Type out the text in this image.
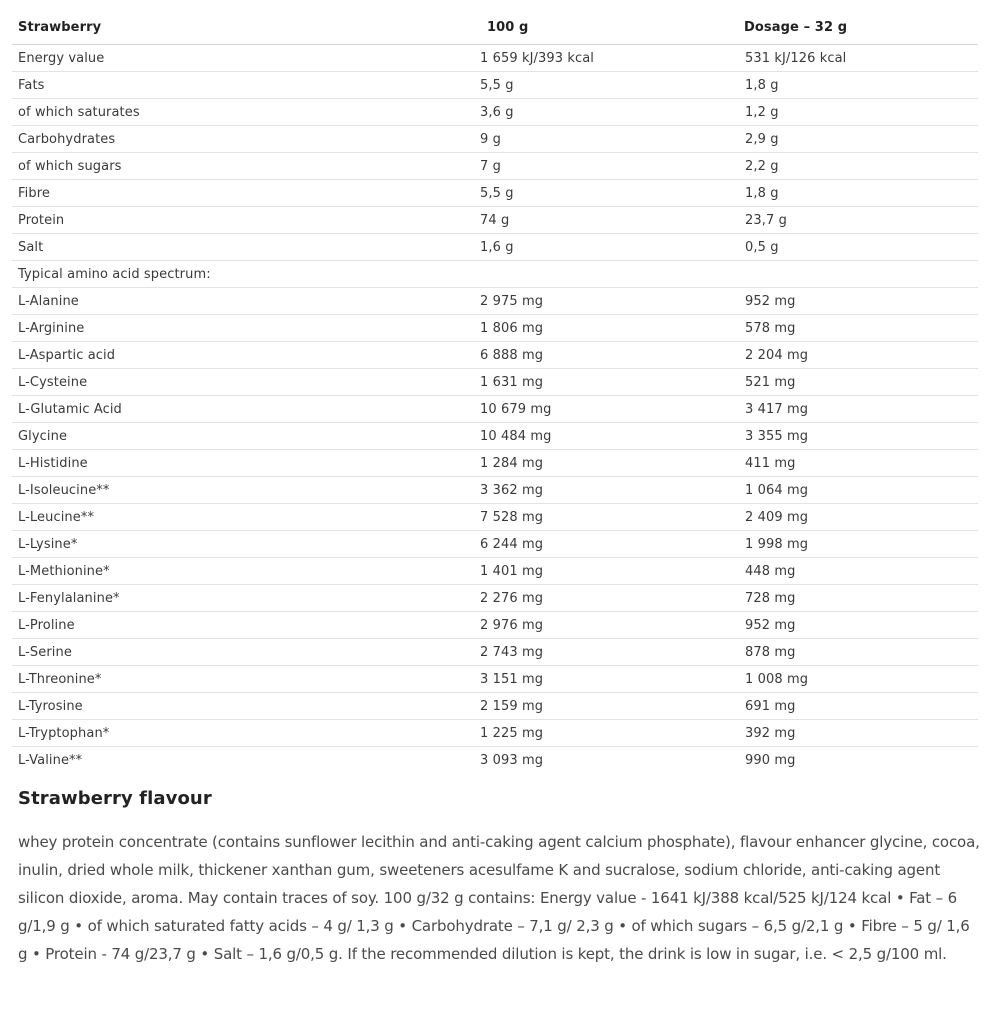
Strawberry	100 g	Dosage – 32 g
Energy value	1 659 kJ/393 kcal	531 kJ/126 kcal
Fats	5,5 g	1,8 g
of which saturates	3,6 g	1,2 g
Carbohydrates	9 g	2,9 g
of which sugars	7 g	2,2 g
Fibre	5,5 g	1,8 g
Protein	74 g	23,7 g
Salt	1,6 g	0,5 g
Typical amino acid spectrum:		
L-Alanine	2 975 mg	952 mg
L-Arginine	1 806 mg	578 mg
L-Aspartic acid	6 888 mg	2 204 mg
L-Cysteine	1 631 mg	521 mg
L-Glutamic Acid	10 679 mg	3 417 mg
Glycine	10 484 mg	3 355 mg
L-Histidine	1 284 mg	411 mg
L-Isoleucine**	3 362 mg	1 064 mg
L-Leucine**	7 528 mg	2 409 mg
L-Lysine*	6 244 mg	1 998 mg
L-Methionine*	1 401 mg	448 mg
L-Fenylalanine*	2 276 mg	728 mg
L-Proline	2 976 mg	952 mg
L-Serine	2 743 mg	878 mg
L-Threonine*	3 151 mg	1 008 mg
L-Tyrosine	2 159 mg	691 mg
L-Tryptophan*	1 225 mg	392 mg
L-Valine**	3 093 mg	990 mg
Strawberry flavour

whey protein concentrate (contains sunflower lecithin and anti-caking agent calcium phosphate), flavour enhancer glycine, cocoa, inulin, dried whole milk, thickener xanthan gum, sweeteners acesulfame K and sucralose, sodium chloride, anti-caking agent silicon dioxide, aroma. May contain traces of soy. 100 g/32 g contains: Energy value - 1641 kJ/388 kcal/525 kJ/124 kcal • Fat – 6 g/1,9 g • of which saturated fatty acids – 4 g/ 1,3 g • Carbohydrate – 7,1 g/ 2,3 g • of which sugars – 6,5 g/2,1 g • Fibre – 5 g/ 1,6 g • Protein - 74 g/23,7 g • Salt – 1,6 g/0,5 g. If the recommended dilution is kept, the drink is low in sugar, i.e. < 2,5 g/100 ml.
